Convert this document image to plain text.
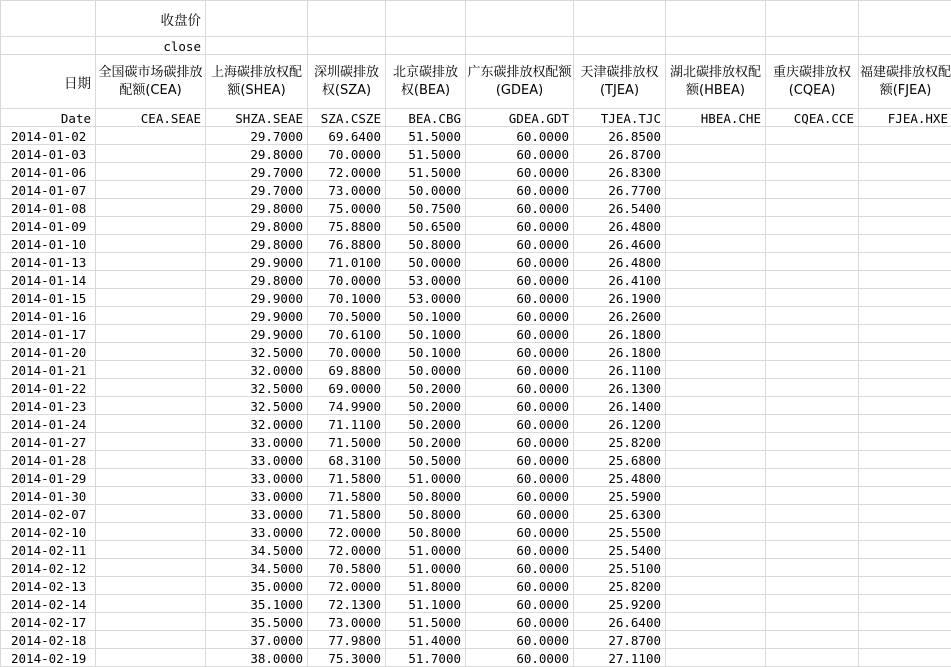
	收盘价								
	close								
日期	全国碳市场碳排放配额(CEA)	上海碳排放权配额(SHEA)	深圳碳排放权(SZA)	北京碳排放权(BEA)	广东碳排放权配额(GDEA)	天津碳排放权(TJEA)	湖北碳排放权配额(HBEA)	重庆碳排放权(CQEA)	福建碳排放权配额(FJEA)
Date	CEA.SEAE	SHZA.SEAE	SZA.CSZE	BEA.CBG	GDEA.GDT	TJEA.TJC	HBEA.CHE	CQEA.CCE	FJEA.HXE
2014-01-02		29.7000	69.6400	51.5000	60.0000	26.8500			
2014-01-03		29.8000	70.0000	51.5000	60.0000	26.8700			
2014-01-06		29.7000	72.0000	51.5000	60.0000	26.8300			
2014-01-07		29.7000	73.0000	50.0000	60.0000	26.7700			
2014-01-08		29.8000	75.0000	50.7500	60.0000	26.5400			
2014-01-09		29.8000	75.8800	50.6500	60.0000	26.4800			
2014-01-10		29.8000	76.8800	50.8000	60.0000	26.4600			
2014-01-13		29.9000	71.0100	50.0000	60.0000	26.4800			
2014-01-14		29.8000	70.0000	53.0000	60.0000	26.4100			
2014-01-15		29.9000	70.1000	53.0000	60.0000	26.1900			
2014-01-16		29.9000	70.5000	50.1000	60.0000	26.2600			
2014-01-17		29.9000	70.6100	50.1000	60.0000	26.1800			
2014-01-20		32.5000	70.0000	50.1000	60.0000	26.1800			
2014-01-21		32.0000	69.8800	50.0000	60.0000	26.1100			
2014-01-22		32.5000	69.0000	50.2000	60.0000	26.1300			
2014-01-23		32.5000	74.9900	50.2000	60.0000	26.1400			
2014-01-24		32.0000	71.1100	50.2000	60.0000	26.1200			
2014-01-27		33.0000	71.5000	50.2000	60.0000	25.8200			
2014-01-28		33.0000	68.3100	50.5000	60.0000	25.6800			
2014-01-29		33.0000	71.5800	51.0000	60.0000	25.4800			
2014-01-30		33.0000	71.5800	50.8000	60.0000	25.5900			
2014-02-07		33.0000	71.5800	50.8000	60.0000	25.6300			
2014-02-10		33.0000	72.0000	50.8000	60.0000	25.5500			
2014-02-11		34.5000	72.0000	51.0000	60.0000	25.5400			
2014-02-12		34.5000	70.5800	51.0000	60.0000	25.5100			
2014-02-13		35.0000	72.0000	51.8000	60.0000	25.8200			
2014-02-14		35.1000	72.1300	51.1000	60.0000	25.9200			
2014-02-17		35.5000	73.0000	51.5000	60.0000	26.6400			
2014-02-18		37.0000	77.9800	51.4000	60.0000	27.8700			
2014-02-19		38.0000	75.3000	51.7000	60.0000	27.1100			
